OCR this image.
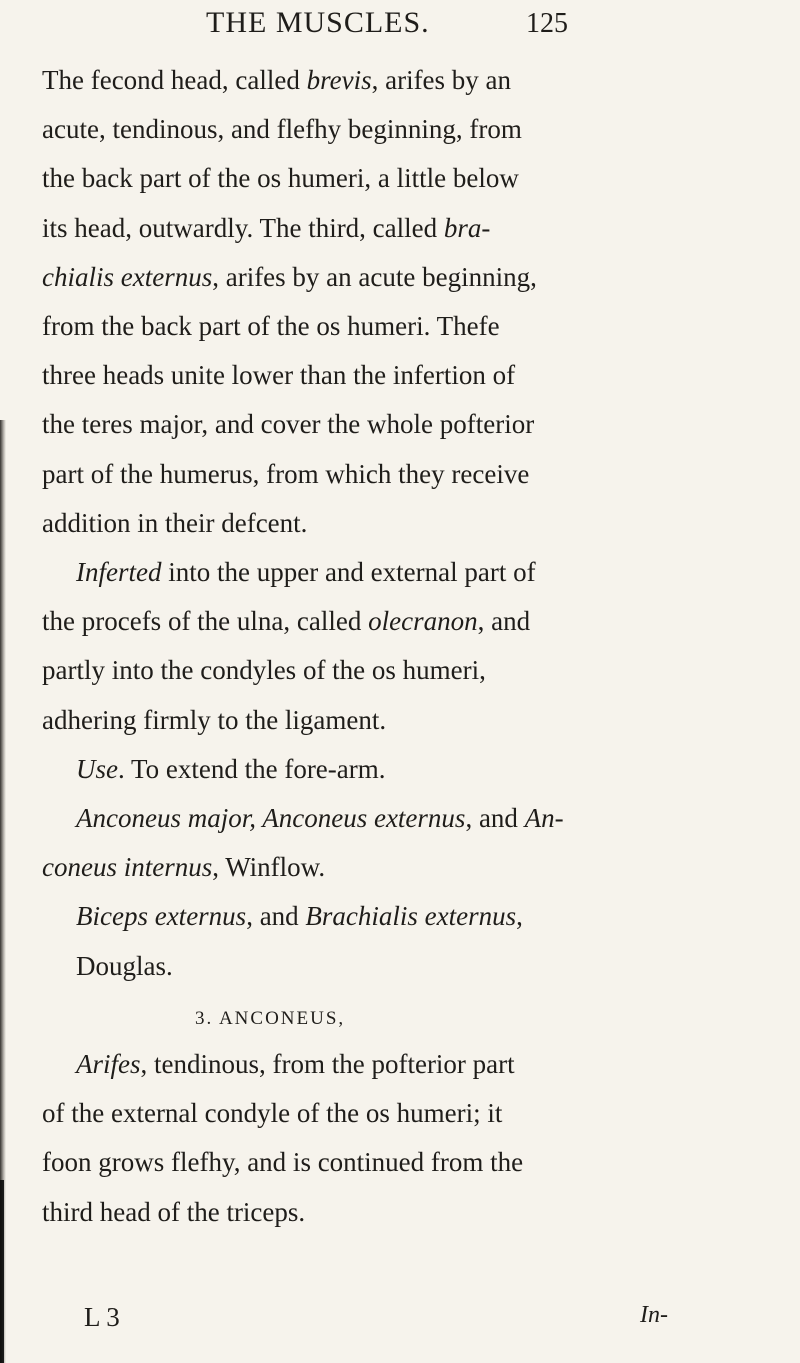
THE MUSCLES.	125
The fecond head, called brevis, arifes by an
acute, tendinous, and flefhy beginning, from
the back part of the os humeri, a little below
its head, outwardly. The third, called bra-
chialis externus, arifes by an acute beginning,
from the back part of the os humeri. Thefe
three heads unite lower than the infertion of
the teres major, and cover the whole pofterior
part of the humerus, from which they receive
addition in their defcent.
Inferted into the upper and external part of
the procefs of the ulna, called olecranon, and
partly into the condyles of the os humeri,
adhering firmly to the ligament.
Use. To extend the fore-arm.
Anconeus major, Anconeus externus, and An-
coneus internus, Winflow.
Biceps externus, and Brachialis externus,
Douglas.
3. ANCONEUS,
Arifes, tendinous, from the pofterior part
of the external condyle of the os humeri; it
foon grows flefhy, and is continued from the
third head of the triceps.
L 3	In-
